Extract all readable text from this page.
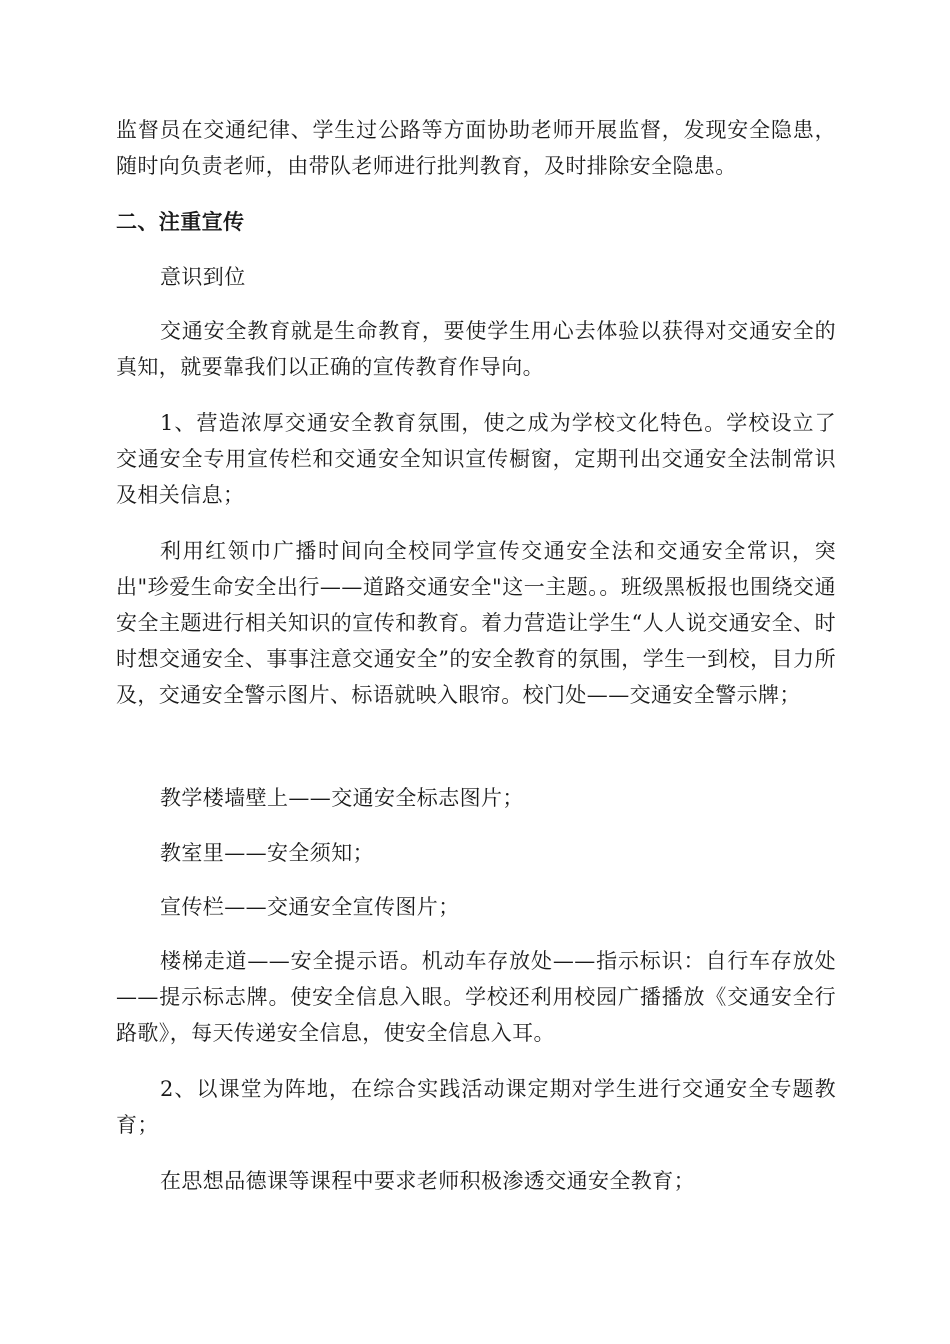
监督员在交通纪律、学生过公路等方面协助老师开展监督，发现安全隐患，随时向负责老师，由带队老师进行批判教育，及时排除安全隐患。

二、注重宣传

意识到位

交通安全教育就是生命教育，要使学生用心去体验以获得对交通安全的真知，就要靠我们以正确的宣传教育作导向。

1、营造浓厚交通安全教育氛围，使之成为学校文化特色。学校设立了交通安全专用宣传栏和交通安全知识宣传橱窗，定期刊出交通安全法制常识及相关信息；

利用红领巾广播时间向全校同学宣传交通安全法和交通安全常识，突出"珍爱生命安全出行——道路交通安全"这一主题。。班级黑板报也围绕交通安全主题进行相关知识的宣传和教育。着力营造让学生“人人说交通安全、时时想交通安全、事事注意交通安全”的安全教育的氛围，学生一到校，目力所及，交通安全警示图片、标语就映入眼帘。校门处——交通安全警示牌；

教学楼墙壁上——交通安全标志图片；

教室里——安全须知；

宣传栏——交通安全宣传图片；

楼梯走道——安全提示语。机动车存放处——指示标识：自行车存放处——提示标志牌。使安全信息入眼。学校还利用校园广播播放《交通安全行路歌》，每天传递安全信息，使安全信息入耳。

2、以课堂为阵地，在综合实践活动课定期对学生进行交通安全专题教育；

在思想品德课等课程中要求老师积极渗透交通安全教育；
